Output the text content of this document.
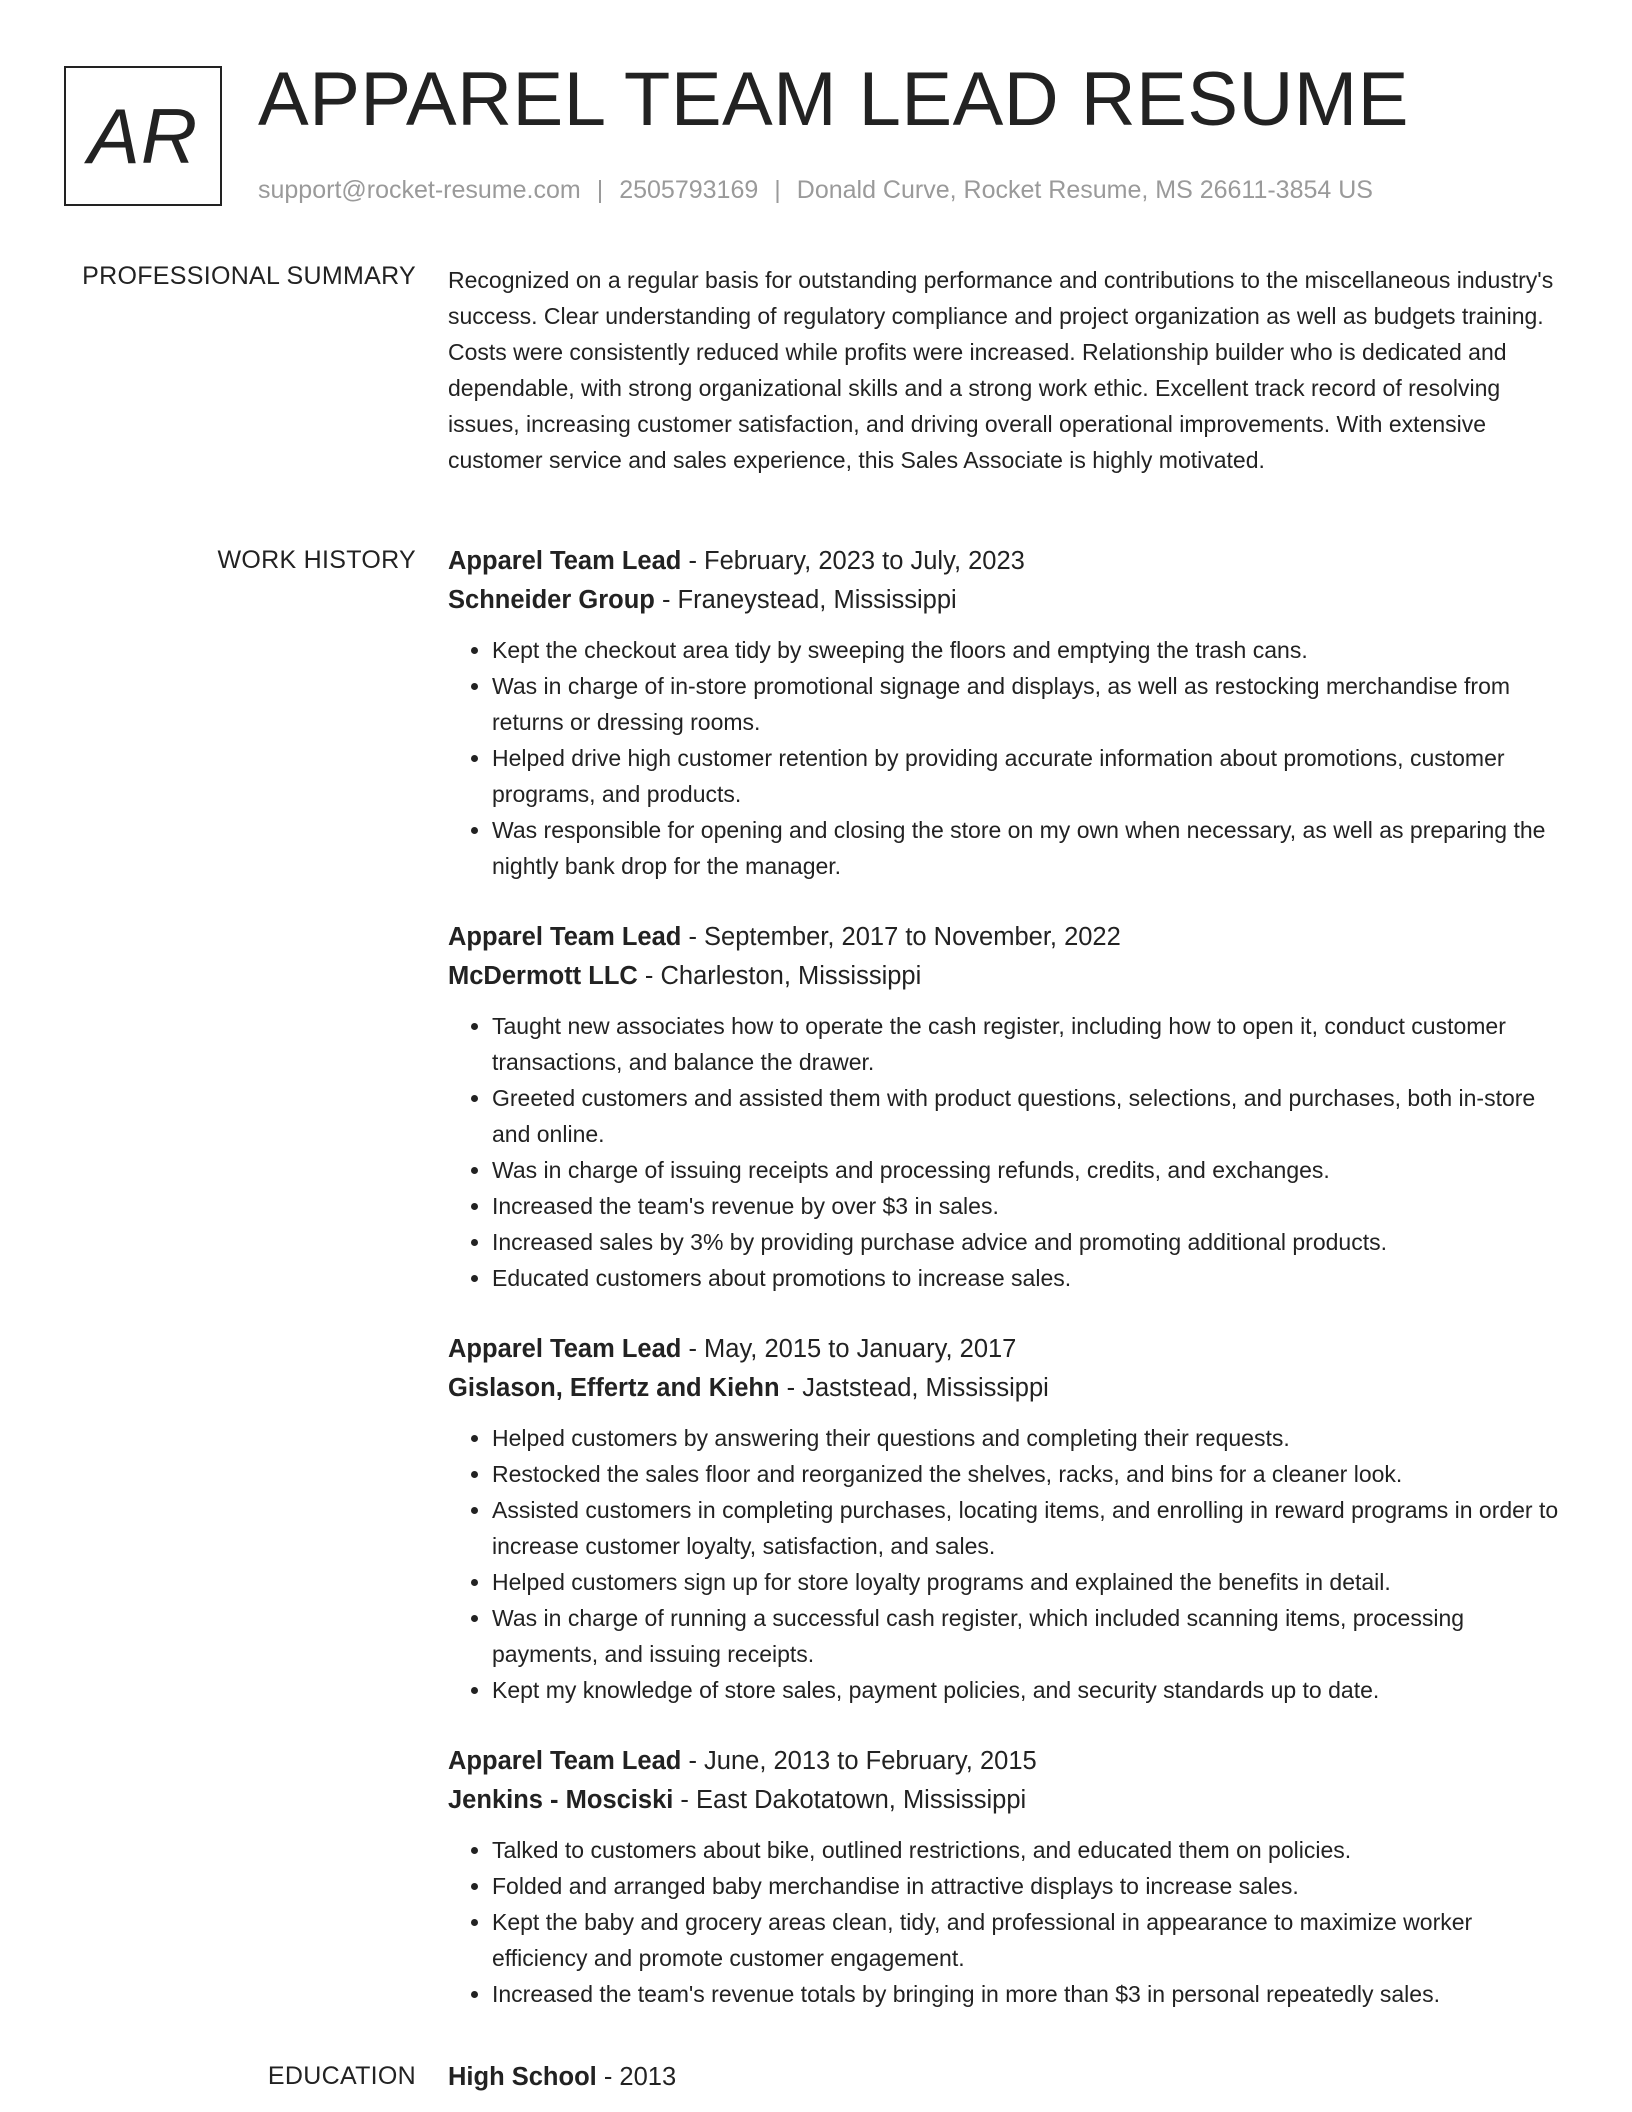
AR APPAREL TEAM LEAD RESUME
support@rocket-resume.com | 2505793169 | Donald Curve, Rocket Resume, MS 26611-3854 US
PROFESSIONAL SUMMARY Recognized on a regular basis for outstanding performance and contributions to the miscellaneous industry's success. Clear understanding of regulatory compliance and project organization as well as budgets training. Costs were consistently reduced while profits were increased. Relationship builder who is dedicated and dependable, with strong organizational skills and a strong work ethic. Excellent track record of resolving issues, increasing customer satisfaction, and driving overall operational improvements. With extensive customer service and sales experience, this Sales Associate is highly motivated.

WORK HISTORY Apparel Team Lead - February, 2023 to July, 2023
Schneider Group - Franeystead, Mississippi
• Kept the checkout area tidy by sweeping the floors and emptying the trash cans.
• Was in charge of in-store promotional signage and displays, as well as restocking merchandise from returns or dressing rooms.
• Helped drive high customer retention by providing accurate information about promotions, customer programs, and products.
• Was responsible for opening and closing the store on my own when necessary, as well as preparing the nightly bank drop for the manager.
Apparel Team Lead - September, 2017 to November, 2022
McDermott LLC - Charleston, Mississippi
• Taught new associates how to operate the cash register, including how to open it, conduct customer transactions, and balance the drawer.
• Greeted customers and assisted them with product questions, selections, and purchases, both in-store and online.
• Was in charge of issuing receipts and processing refunds, credits, and exchanges.
• Increased the team's revenue by over $3 in sales.
• Increased sales by 3% by providing purchase advice and promoting additional products.
• Educated customers about promotions to increase sales.
Apparel Team Lead - May, 2015 to January, 2017
Gislason, Effertz and Kiehn - Jaststead, Mississippi
• Helped customers by answering their questions and completing their requests.
• Restocked the sales floor and reorganized the shelves, racks, and bins for a cleaner look.
• Assisted customers in completing purchases, locating items, and enrolling in reward programs in order to increase customer loyalty, satisfaction, and sales.
• Helped customers sign up for store loyalty programs and explained the benefits in detail.
• Was in charge of running a successful cash register, which included scanning items, processing payments, and issuing receipts.
• Kept my knowledge of store sales, payment policies, and security standards up to date.
Apparel Team Lead - June, 2013 to February, 2015
Jenkins - Mosciski - East Dakotatown, Mississippi
• Talked to customers about bike, outlined restrictions, and educated them on policies.
• Folded and arranged baby merchandise in attractive displays to increase sales.
• Kept the baby and grocery areas clean, tidy, and professional in appearance to maximize worker efficiency and promote customer engagement.
• Increased the team's revenue totals by bringing in more than $3 in personal repeatedly sales.
EDUCATION High School - 2013
